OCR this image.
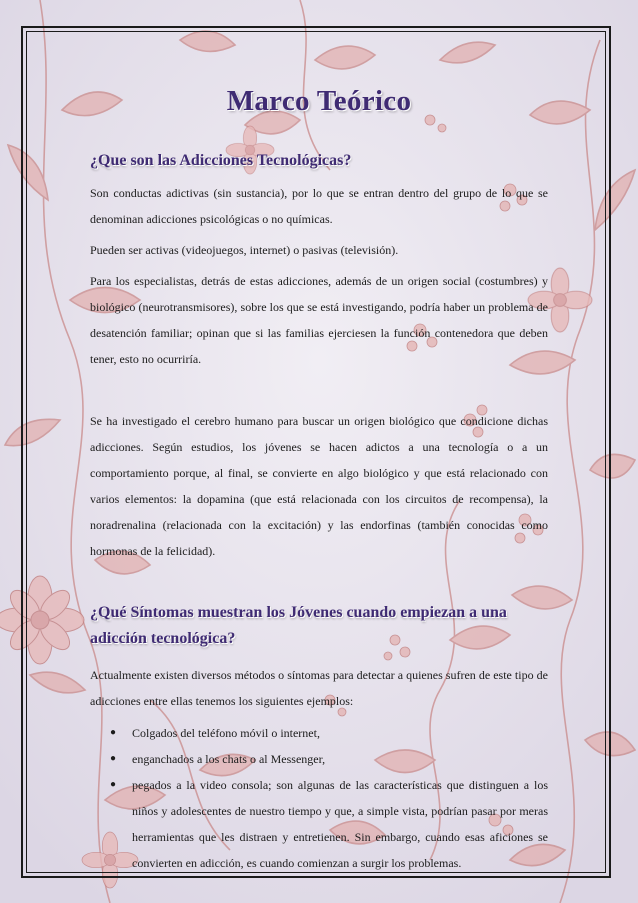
Marco Teórico
¿Que son las Adicciones Tecnológicas?

Son conductas adictivas (sin sustancia), por lo que se entran dentro del grupo de lo que se denominan adicciones psicológicas o no químicas.

Pueden ser activas (videojuegos, internet) o pasivas (televisión).

Para los especialistas, detrás de estas adicciones, además de un origen social (costumbres) y biológico (neurotransmisores), sobre los que se está investigando, podría haber un problema de desatención familiar; opinan que si las familias ejerciesen la función contenedora que deben tener, esto no ocurriría.

Se ha investigado el cerebro humano para buscar un origen biológico que condicione dichas adicciones. Según estudios, los jóvenes se hacen adictos a una tecnología o a un comportamiento porque, al final, se convierte en algo biológico y que está relacionado con varios elementos: la dopamina (que está relacionada con los circuitos de recompensa), la noradrenalina (relacionada con la excitación) y las endorfinas (también conocidas como hormonas de la felicidad).

¿Qué Síntomas muestran los Jóvenes cuando empiezan a una adicción tecnológica?

Actualmente existen diversos métodos o síntomas para detectar a quienes sufren de este tipo de adicciones entre ellas tenemos los siguientes ejemplos:

● Colgados del teléfono móvil o internet,
● enganchados a los chats o al Messenger,
● pegados a la video consola; son algunas de las características que distinguen a los niños y adolescentes de nuestro tiempo y que, a simple vista, podrían pasar por meras herramientas que les distraen y entretienen. Sin embargo, cuando esas aficiones se convierten en adicción, es cuando comienzan a surgir los problemas.
